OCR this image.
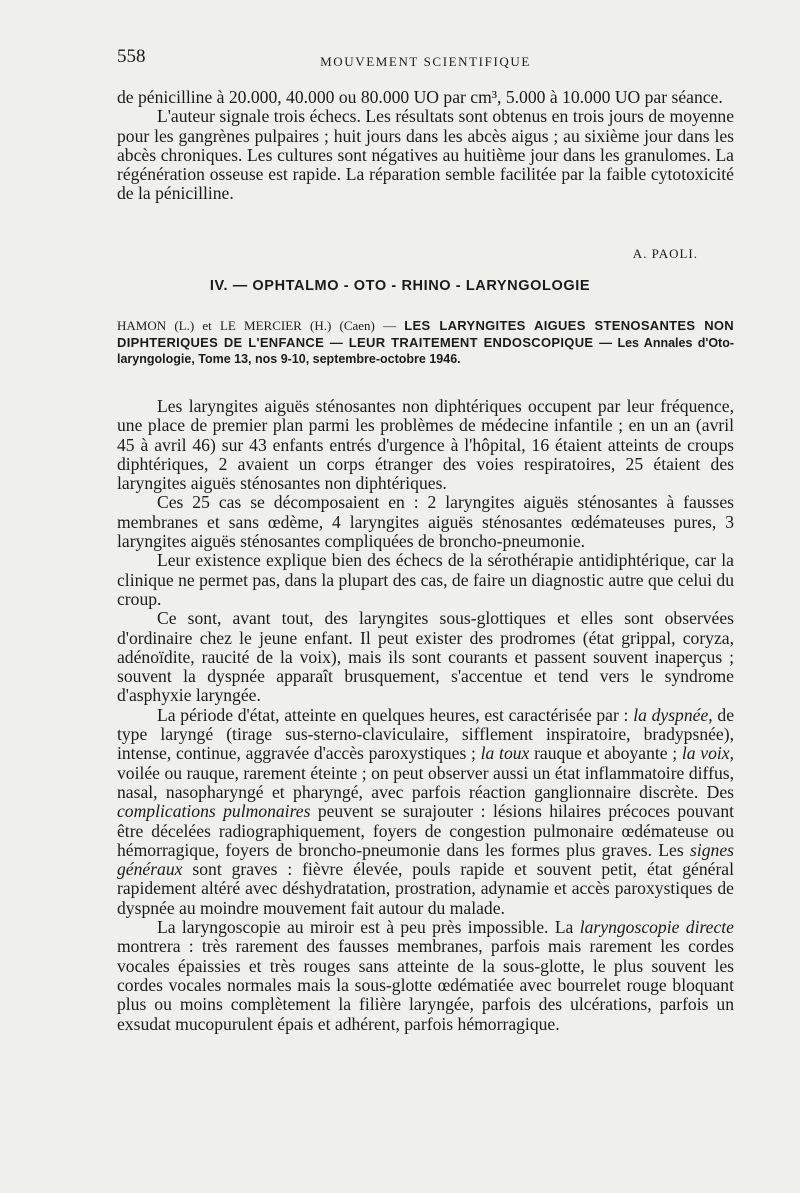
558	MOUVEMENT SCIENTIFIQUE

de pénicilline à 20.000, 40.000 ou 80.000 UO par cm³, 5.000 à 10.000 UO par séance.

L'auteur signale trois échecs. Les résultats sont obtenus en trois jours de moyenne pour les gangrènes pulpaires ; huit jours dans les abcès aigus ; au sixième jour dans les abcès chroniques. Les cultures sont négatives au huitième jour dans les granulomes. La régénération osseuse est rapide. La réparation semble facilitée par la faible cytotoxicité de la pénicilline.

A. PAOLI.
IV. — OPHTALMO - OTO - RHINO - LARYNGOLOGIE
HAMON (L.) et LE MERCIER (H.) (Caen) — LES LARYNGITES AIGUES STENOSANTES NON DIPHTERIQUES DE L'ENFANCE — LEUR TRAITEMENT ENDOSCOPIQUE — Les Annales d'Oto-laryngologie, Tome 13, nos 9-10, septembre-octobre 1946.

Les laryngites aiguës sténosantes non diphtériques occupent par leur fréquence, une place de premier plan parmi les problèmes de médecine infantile ; en un an (avril 45 à avril 46) sur 43 enfants entrés d'urgence à l'hôpital, 16 étaient atteints de croups diphtériques, 2 avaient un corps étranger des voies respiratoires, 25 étaient des laryngites aiguës sténosantes non diphtériques.

Ces 25 cas se décomposaient en : 2 laryngites aiguës sténosantes à fausses membranes et sans œdème, 4 laryngites aiguës sténosantes œdémateuses pures, 3 laryngites aiguës sténosantes compliquées de broncho-pneumonie.

Leur existence explique bien des échecs de la sérothérapie antidiphtérique, car la clinique ne permet pas, dans la plupart des cas, de faire un diagnostic autre que celui du croup.

Ce sont, avant tout, des laryngites sous-glottiques et elles sont observées d'ordinaire chez le jeune enfant. Il peut exister des prodromes (état grippal, coryza, adénoïdite, raucité de la voix), mais ils sont courants et passent souvent inaperçus ; souvent la dyspnée apparaît brusquement, s'accentue et tend vers le syndrome d'asphyxie laryngée.

La période d'état, atteinte en quelques heures, est caractérisée par : la dyspnée, de type laryngé (tirage sus-sterno-claviculaire, sifflement inspiratoire, bradypsnée), intense, continue, aggravée d'accès paroxystiques ; la toux rauque et aboyante ; la voix, voilée ou rauque, rarement éteinte ; on peut observer aussi un état inflammatoire diffus, nasal, nasopharyngé et pharyngé, avec parfois réaction ganglionnaire discrète. Des complications pulmonaires peuvent se surajouter : lésions hilaires précoces pouvant être décelées radiographiquement, foyers de congestion pulmonaire œdémateuse ou hémorragique, foyers de broncho-pneumonie dans les formes plus graves. Les signes généraux sont graves : fièvre élevée, pouls rapide et souvent petit, état général rapidement altéré avec déshydratation, prostration, adynamie et accès paroxystiques de dyspnée au moindre mouvement fait autour du malade.

La laryngoscopie au miroir est à peu près impossible. La laryngoscopie directe montrera : très rarement des fausses membranes, parfois mais rarement les cordes vocales épaissies et très rouges sans atteinte de la sous-glotte, le plus souvent les cordes vocales normales mais la sous-glotte œdématiée avec bourrelet rouge bloquant plus ou moins complètement la filière laryngée, parfois des ulcérations, parfois un exsudat mucopurulent épais et adhérent, parfois hémorragique.
